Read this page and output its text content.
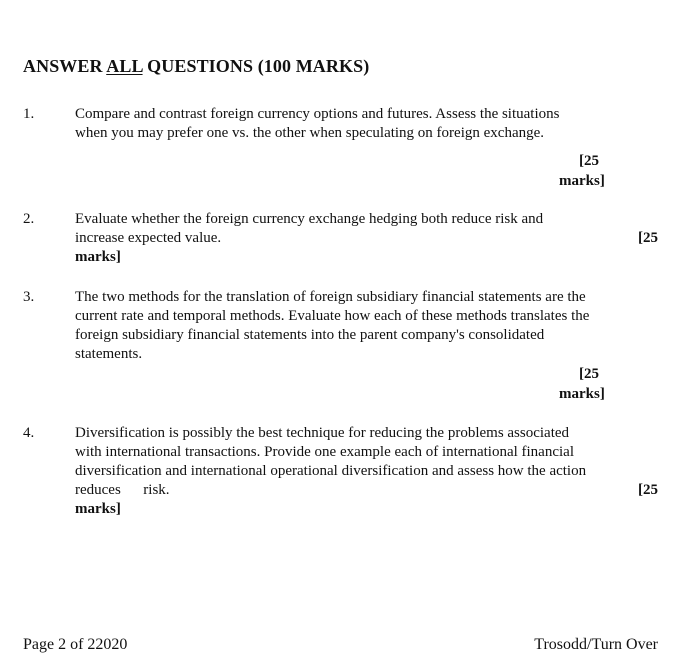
ANSWER ALL QUESTIONS (100 MARKS)
1.	Compare and contrast foreign currency options and futures. Assess the situations
when you may prefer one vs. the other when speculating on foreign exchange.
[25
marks]
2.	Evaluate whether the foreign currency exchange hedging both reduce risk and
increase expected value.	[25
marks]
3.	The two methods for the translation of foreign subsidiary financial statements are the
current rate and temporal methods. Evaluate how each of these methods translates the
foreign subsidiary financial statements into the parent company's consolidated
statements.
[25
marks]
4.	Diversification is possibly the best technique for reducing the problems associated
with international transactions. Provide one example each of international financial
diversification and international operational diversification and assess how the action
reduces      risk.	[25
marks]
Page 2 of 22020	Trosodd/Turn Over
